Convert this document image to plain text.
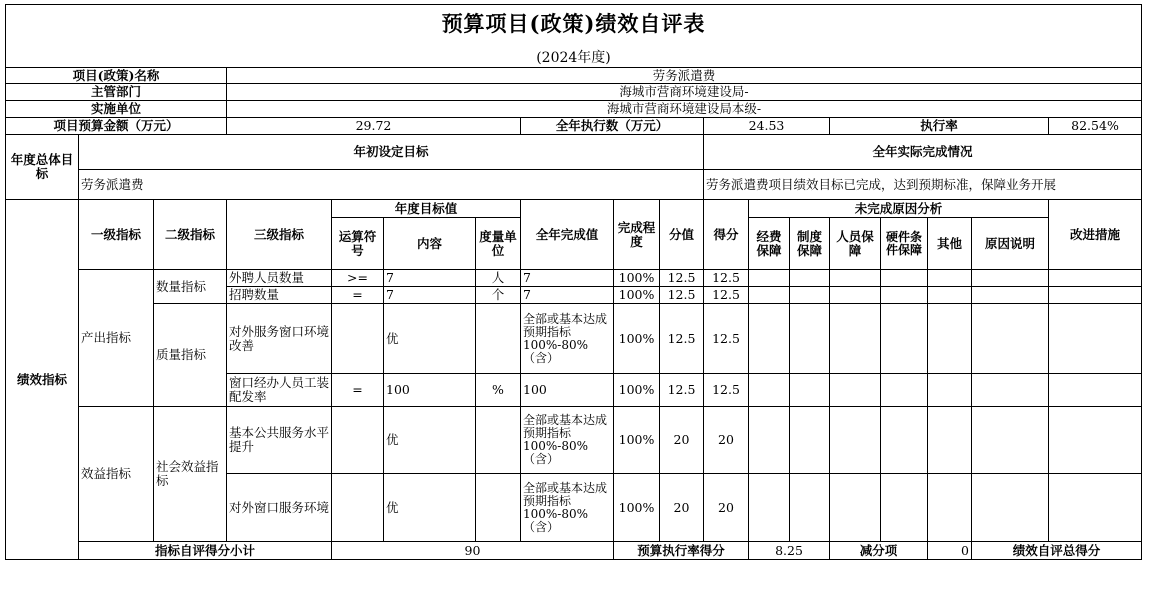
预算项目(政策)绩效自评表
(2024年度)																		

项目(政策)名称			劳务派遣费															
主管部门			海城市营商环境建设局-															
实施单位			海城市营商环境建设局本级-															
项目预算金额（万元）			29.72				全年执行数（万元）			24.53			执行率				82.54%	
年度总体目标	年初设定目标									全年实际完成情况								
	劳务派遣费									劳务派遣费项目绩效目标已完成，达到预期标准，保障业务开展								
绩效指标	一级指标	二级指标	三级指标	年度目标值			全年完成值	完成程度	分值	得分	未完成原因分析						改进措施	
				运算符号	内容	度量单位					经费保障	制度保障	人员保障	硬件条件保障	其他	原因说明		
	产出指标	数量指标	外聘人员数量	>=	7	人	7	100%	12.5	12.5								
			招聘数量	=	7	个	7	100%	12.5	12.5								
		质量指标	对外服务窗口环境改善		优		全部或基本达成预期指标100%-80%（含）	100%	12.5	12.5								
			窗口经办人员工装配发率	=	100	%	100	100%	12.5	12.5								
	效益指标	社会效益指标	基本公共服务水平提升		优		全部或基本达成预期指标100%-80%（含）	100%	20	20								
			对外窗口服务环境		优		全部或基本达成预期指标100%-80%（含）	100%	20	20								
	指标自评得分小计			90				预算执行率得分			8.25		减分项		0	绩效自评总得分	
